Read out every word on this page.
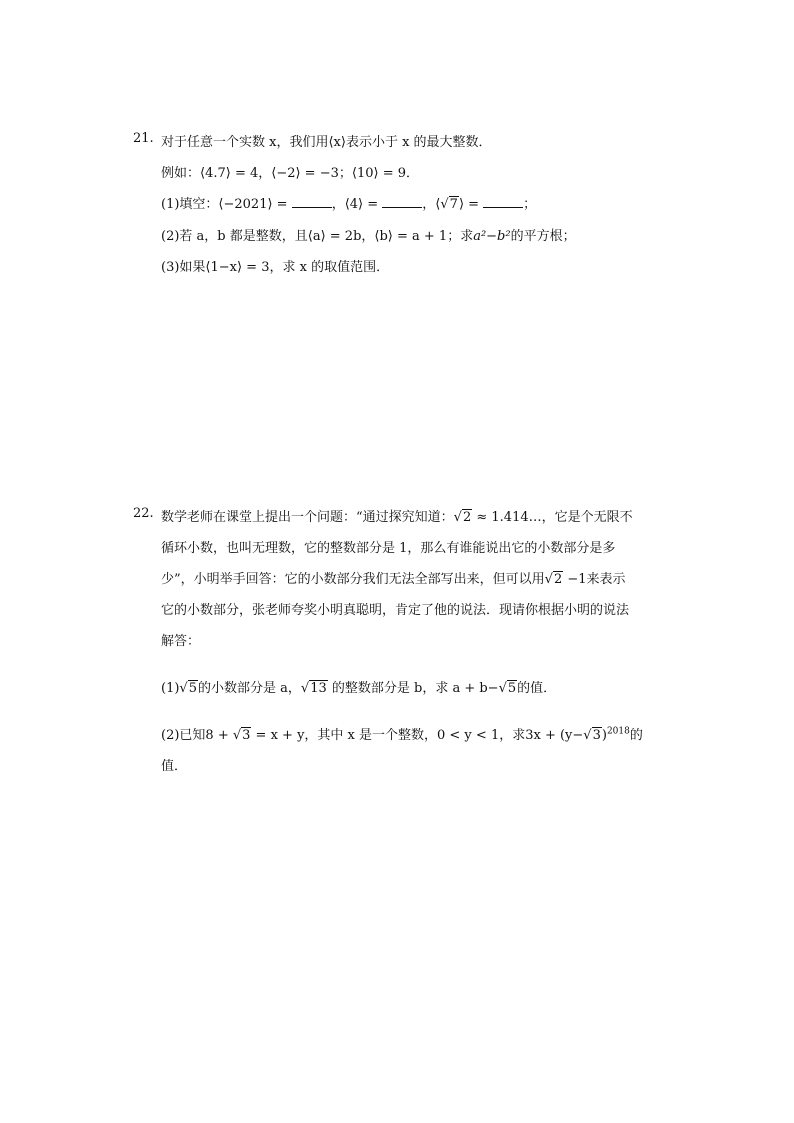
21. 对于任意一个实数 x，我们用⟨x⟩表示小于 x 的最大整数．
例如：⟨4.7⟩ = 4，⟨−2⟩ = −3；⟨10⟩ = 9．
(1)填空：⟨−2021⟩ =	，⟨4⟩ =	，⟨√7⟩ =	；
(2)若 a，b 都是整数，且⟨a⟩ = 2b，⟨b⟩ = a + 1；求a²−b²的平方根；
(3)如果⟨1−x⟩ = 3，求 x 的取值范围．
22. 数学老师在课堂上提出一个问题：“通过探究知道：√2 ≈ 1.414…，它是个无限不
循环小数，也叫无理数，它的整数部分是 1，那么有谁能说出它的小数部分是多
少”，小明举手回答：它的小数部分我们无法全部写出来，但可以用√2 −1来表示
它的小数部分，张老师夸奖小明真聪明，肯定了他的说法．现请你根据小明的说法
解答：
(1)√5的小数部分是 a，√13 的整数部分是 b，求 a + b−√5的值．
(2)已知8 + √3 = x + y，其中 x 是一个整数，0 < y < 1，求$3x + (y-√3)^{2018}$的
值．
